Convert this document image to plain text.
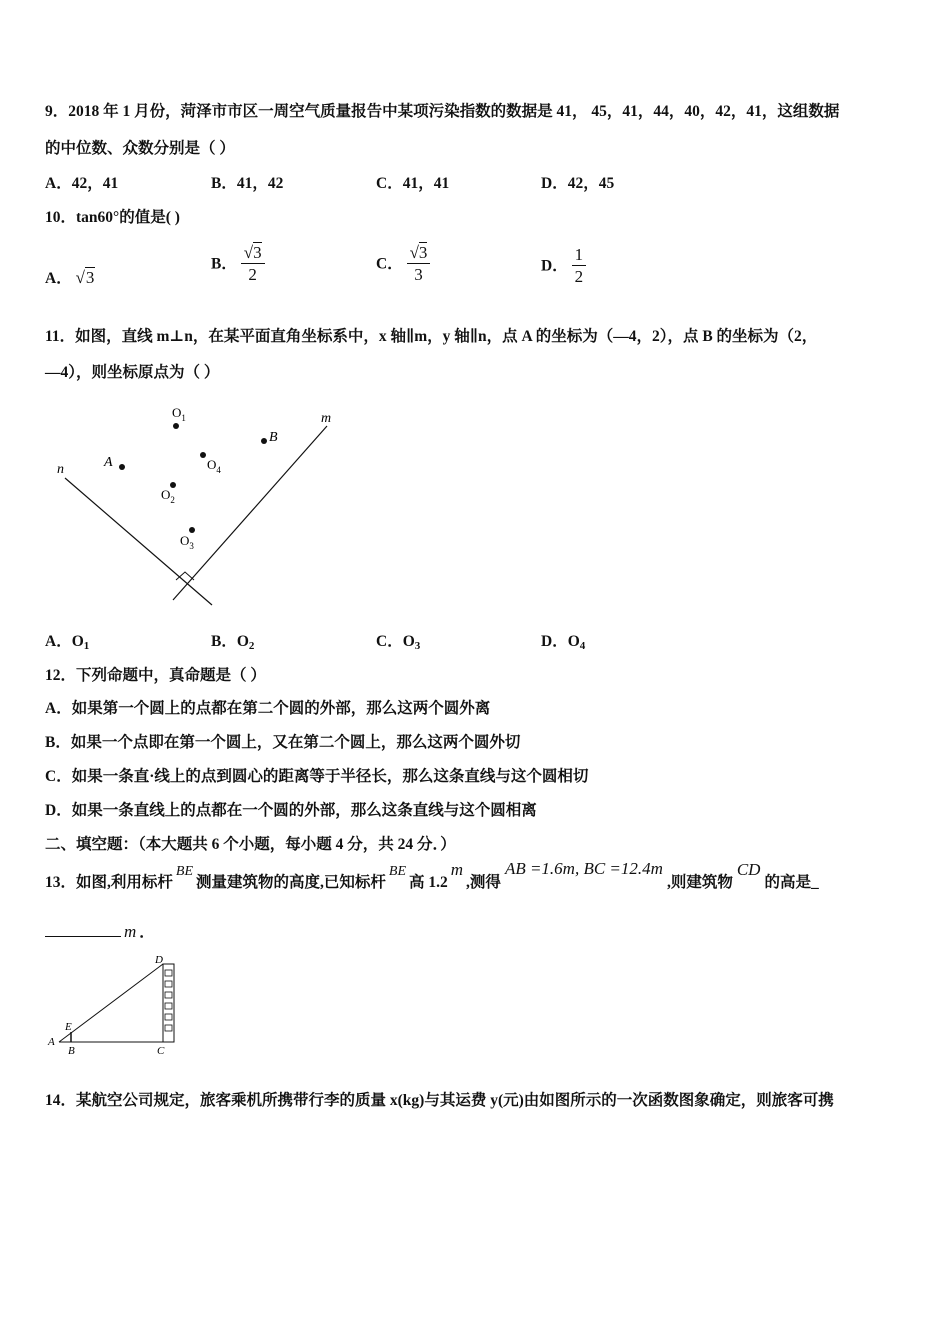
9．2018 年 1 月份，菏泽市市区一周空气质量报告中某项污染指数的数据是 41， 45，41，44，40，42，41，这组数据
的中位数、众数分别是（ ）
A．42，41	B．41，42	C．41，41	D．42，45
10．tan60°的值是( )
A． √3
B． $\frac{√3}{2}$	C． $\frac{√3}{3}$	D． $\frac{1}{2}$
11．如图，直线 m⊥n，在某平面直角坐标系中，x 轴∥m，y 轴∥n，点 A 的坐标为（—4，2），点 B 的坐标为（2，
—4），则坐标原点为（ ）
n
m
A
B
$O_1$
$O_2$
$O_3$
$O_4$
A．$O_1$	B．$O_2$	C．$O_3$	D．$O_4$
12．下列命题中，真命题是（ ）
A．如果第一个圆上的点都在第二个圆的外部，那么这两个圆外离
B．如果一个点即在第一个圆上，又在第二个圆上，那么这两个圆外切
C．如果一条直·线上的点到圆心的距离等于半径长，那么这条直线与这个圆相切
D．如果一条直线上的点都在一个圆的外部，那么这条直线与这个圆相离
二、填空题：（本大题共 6 个小题，每小题 4 分，共 24 分．）
13．如图,利用标杆BE测量建筑物的高度,已知标杆BE高 1.2m,测得AB =1.6m, BC =12.4m,则建筑物CD的高是_
m ．
A
B	C
D
E
14．某航空公司规定，旅客乘机所携带行李的质量 x(kg)与其运费 y(元)由如图所示的一次函数图象确定，则旅客可携
